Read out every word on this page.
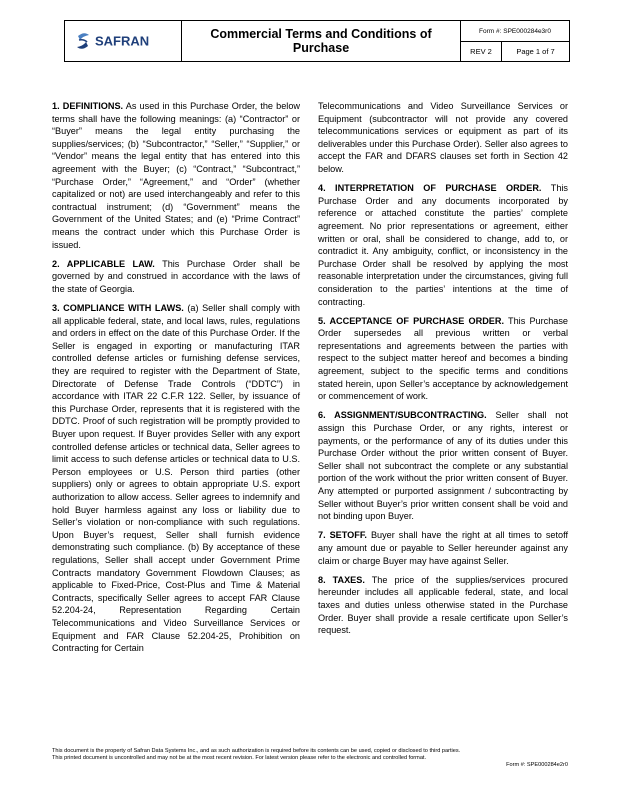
SAFRAN	Commercial Terms and Conditions of Purchase
Form #: SPE000284e3r0
REV 2	Page 1 of 7

1. DEFINITIONS. As used in this Purchase Order, the below terms shall have the following meanings: (a) “Contractor” or “Buyer” means the legal entity purchasing the supplies/services; (b) “Subcontractor,” “Seller,” “Supplier,” or “Vendor” means the legal entity that has entered into this agreement with the Buyer; (c) “Contract,” “Subcontract,” “Purchase Order,” “Agreement,” and “Order” (whether capitalized or not) are used interchangeably and refer to this contractual instrument; (d) “Government” means the Government of the United States; and (e) “Prime Contract” means the contract under which this Purchase Order is issued.

2. APPLICABLE LAW. This Purchase Order shall be governed by and construed in accordance with the laws of the state of Georgia.

3. COMPLIANCE WITH LAWS. (a) Seller shall comply with all applicable federal, state, and local laws, rules, regulations and orders in effect on the date of this Purchase Order. If the Seller is engaged in exporting or manufacturing ITAR controlled defense articles or furnishing defense services, they are required to register with the Department of State, Directorate of Defense Trade Controls (“DDTC”) in accordance with ITAR 22 C.F.R 122. Seller, by issuance of this Purchase Order, represents that it is registered with the DDTC. Proof of such registration will be promptly provided to Buyer upon request. If Buyer provides Seller with any export controlled defense articles or technical data, Seller agrees to limit access to such defense articles or technical data to U.S. Person employees or U.S. Person third parties (other suppliers) only or agrees to obtain appropriate U.S. export authorization to allow access. Seller agrees to indemnify and hold Buyer harmless against any loss or liability due to Seller’s violation or non-compliance with such regulations. Upon Buyer’s request, Seller shall furnish evidence demonstrating such compliance. (b) By acceptance of these regulations, Seller shall accept under Government Prime Contracts mandatory Government Flowdown Clauses; as applicable to Fixed-Price, Cost-Plus and Time & Material Contracts, specifically Seller agrees to accept FAR Clause 52.204-24, Representation Regarding Certain Telecommunications and Video Surveillance Services or Equipment and FAR Clause 52.204-25, Prohibition on Contracting for Certain

Telecommunications and Video Surveillance Services or Equipment (subcontractor will not provide any covered telecommunications services or equipment as part of its deliverables under this Purchase Order). Seller also agrees to accept the FAR and DFARS clauses set forth in Section 42 below.

4. INTERPRETATION OF PURCHASE ORDER. This Purchase Order and any documents incorporated by reference or attached constitute the parties’ complete agreement. No prior representations or agreement, either written or oral, shall be considered to change, add to, or contradict it. Any ambiguity, conflict, or inconsistency in the Purchase Order shall be resolved by applying the most reasonable interpretation under the circumstances, giving full consideration to the parties’ intentions at the time of contracting.

5. ACCEPTANCE OF PURCHASE ORDER. This Purchase Order supersedes all previous written or verbal representations and agreements between the parties with respect to the subject matter hereof and becomes a binding agreement, subject to the specific terms and conditions stated herein, upon Seller’s acceptance by acknowledgement or commencement of work.

6. ASSIGNMENT/SUBCONTRACTING. Seller shall not assign this Purchase Order, or any rights, interest or payments, or the performance of any of its duties under this Purchase Order without the prior written consent of Buyer. Seller shall not subcontract the complete or any substantial portion of the work without the prior written consent of Buyer. Any attempted or purported assignment / subcontracting by Seller without Buyer’s prior written consent shall be void and not binding upon Buyer.

7. SETOFF. Buyer shall have the right at all times to setoff any amount due or payable to Seller hereunder against any claim or charge Buyer may have against Seller.

8. TAXES. The price of the supplies/services procured hereunder includes all applicable federal, state, and local taxes and duties unless otherwise stated in the Purchase Order. Buyer shall provide a resale certificate upon Seller’s request.

This document is the property of Safran Data Systems Inc., and as such authorization is required before its contents can be used, copied or disclosed to third parties.
This printed document is uncontrolled and may not be at the most recent revision. For latest version please refer to the electronic and controlled format.
Form #: SPE000284e2r0
